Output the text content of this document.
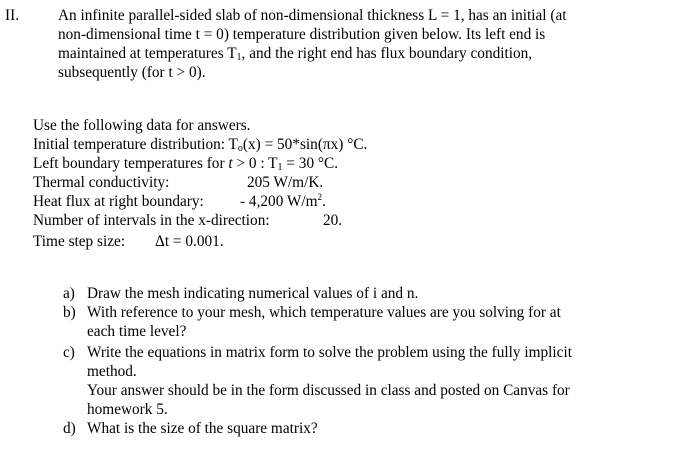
II.	An infinite parallel-sided slab of non-dimensional thickness L = 1, has an initial (at

non-dimensional time t = 0) temperature distribution given below. Its left end is

maintained at temperatures $T_1$, and the right end has flux boundary condition,

subsequently (for t > 0).

Use the following data for answers.

Initial temperature distribution: $T_o(x) = 50*\sin(\pi x)$ °C.

Left boundary temperatures for t > 0 : $T_1 = 30$ °C.

Thermal conductivity:	205 W/m/K.

Heat flux at right boundary: - 4,200 $W/m^2$.

Number of intervals in the x-direction:	20.

Time step size: Δt = 0.001.

a) Draw the mesh indicating numerical values of i and n.

b) With reference to your mesh, which temperature values are you solving for at

each time level?

c) Write the equations in matrix form to solve the problem using the fully implicit

method.

Your answer should be in the form discussed in class and posted on Canvas for

homework 5.

d) What is the size of the square matrix?
